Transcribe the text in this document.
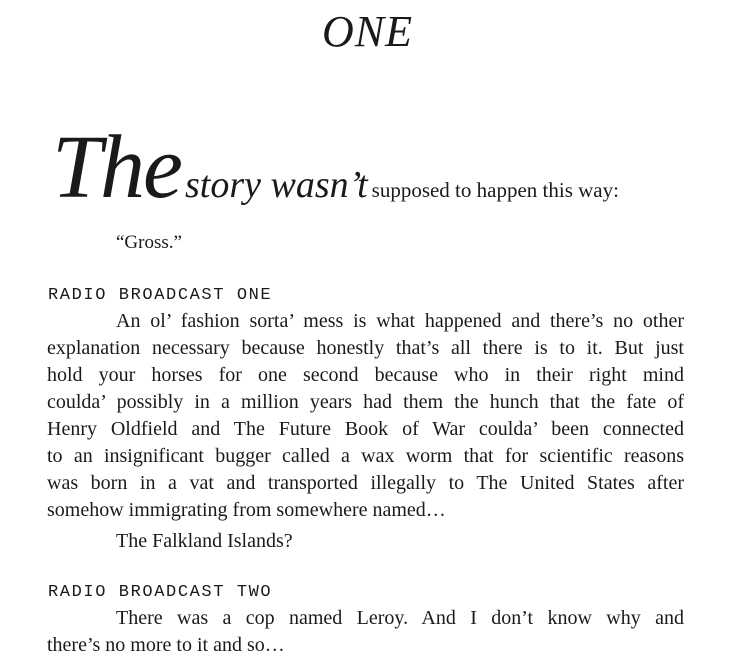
ONE
The story wasn’t supposed to happen this way:
“Gross.”
RADIO BROADCAST ONE
An ol’ fashion sorta’ mess is what happened and there’s no other
explanation necessary because honestly that’s all there is to it. But just
hold your horses for one second because who in their right mind
coulda’ possibly in a million years had them the hunch that the fate of
Henry Oldfield and The Future Book of War coulda’ been connected
to an insignificant bugger called a wax worm that for scientific reasons
was born in a vat and transported illegally to The United States after
somehow immigrating from somewhere named…
The Falkland Islands?
RADIO BROADCAST TWO
There was a cop named Leroy. And I don’t know why and
there’s no more to it and so…
